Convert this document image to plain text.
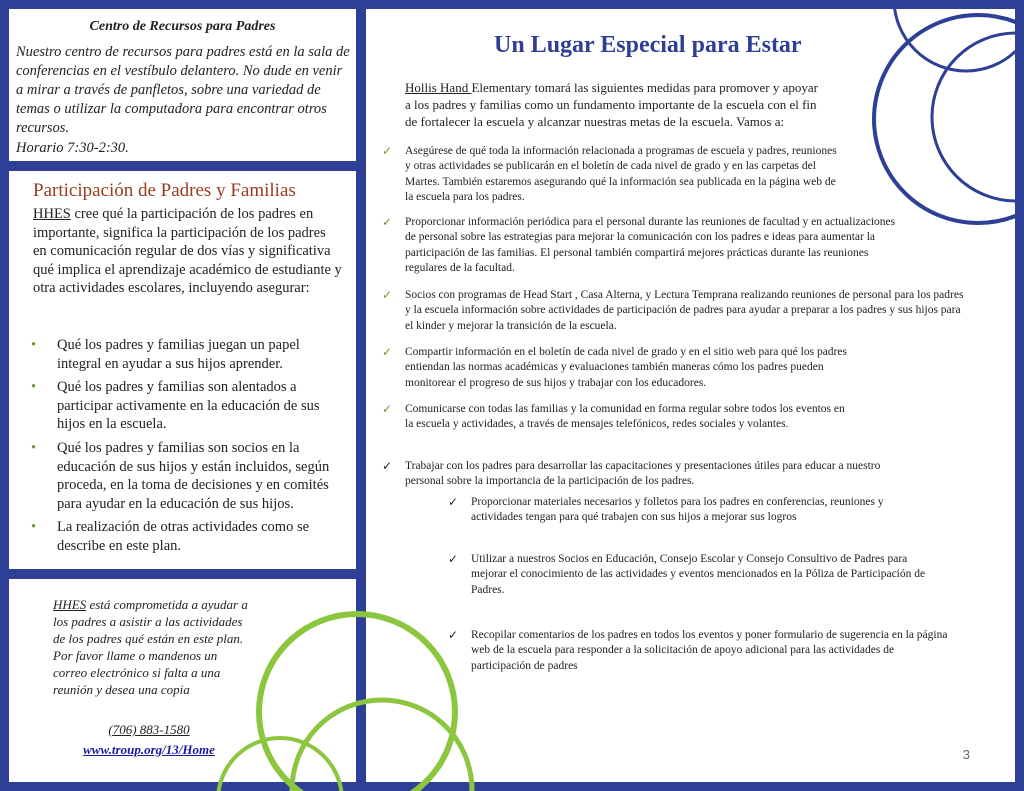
Centro de Recursos para Padres
Nuestro centro de recursos para padres está en la sala de conferencias en el vestíbulo delantero. No dude en venir a mirar a través de panfletos, sobre una variedad de temas o utilizar la computadora para encontrar otros recursos.
Horario 7:30-2:30.
Participación de Padres y Familias
HHES cree qué la participación de los padres en importante, significa la participación de los padres en comunicación regular de dos vías y significativa qué implica el aprendizaje académico de estudiante y otra actividades escolares, incluyendo asegurar:
• Qué los padres y familias juegan un papel integral en ayudar a sus hijos aprender.
• Qué los padres y familias son alentados a participar activamente en la educación de sus hijos en la escuela.
• Qué los padres y familias son socios en la educación de sus hijos y están incluidos, según proceda, en la toma de decisiones y en comités para ayudar en la educación de sus hijos.
• La realización de otras actividades como se describe en este plan.
HHES está comprometida a ayudar a los padres a asistir a las actividades de los padres qué están en este plan. Por favor llame o mandenos un correo electrónico si falta a una reunión y desea una copia
(706) 883-1580
www.troup.org/13/Home
Un Lugar Especial para Estar
Hollis Hand Elementary tomará las siguientes medidas para promover y apoyar a los padres y familias como un fundamento importante de la escuela con el fin de fortalecer la escuela y alcanzar nuestras metas de la escuela. Vamos a:
✓ Asegúrese de qué toda la información relacionada a programas de escuela y padres, reuniones y otras actividades se publicarán en el boletín de cada nivel de grado y en las carpetas del Martes. También estaremos asegurando qué la información sea publicada en la página web de la escuela para los padres.
✓ Proporcionar información periódica para el personal durante las reuniones de facultad y en actualizaciones de personal sobre las estrategias para mejorar la comunicación con los padres e ideas para aumentar la participación de las familias. El personal también compartirá mejores prácticas durante las reuniones regulares de la facultad.
✓ Socios con programas de Head Start , Casa Alterna, y Lectura Temprana realizando reuniones de personal para los padres y la escuela información sobre actividades de participación de padres para ayudar a preparar a los padres y sus hijos para el kinder y mejorar la transición de la escuela.
✓ Compartir información en el boletín de cada nivel de grado y en el sitio web para qué los padres entiendan las normas académicas y evaluaciones también maneras cómo los padres pueden monitorear el progreso de sus hijos y trabajar con los educadores.
✓ Comunicarse con todas las familias y la comunidad en forma regular sobre todos los eventos en la escuela y actividades, a través de mensajes telefónicos, redes sociales y volantes.
✓ Trabajar con los padres para desarrollar las capacitaciones y presentaciones útiles para educar a nuestro personal sobre la importancia de la participación de los padres.
✓ Proporcionar materiales necesarios y folletos para los padres en conferencias, reuniones y actividades tengan para qué trabajen con sus hijos a mejorar sus logros
✓ Utilizar a nuestros Socios en Educación, Consejo Escolar y Consejo Consultivo de Padres para mejorar el conocimiento de las actividades y eventos mencionados en la Póliza de Participación de Padres.
✓ Recopilar comentarios de los padres en todos los eventos y poner formulario de sugerencia en la página web de la escuela para responder a la solicitación de apoyo adicional para las actividades de participación de padres
3
